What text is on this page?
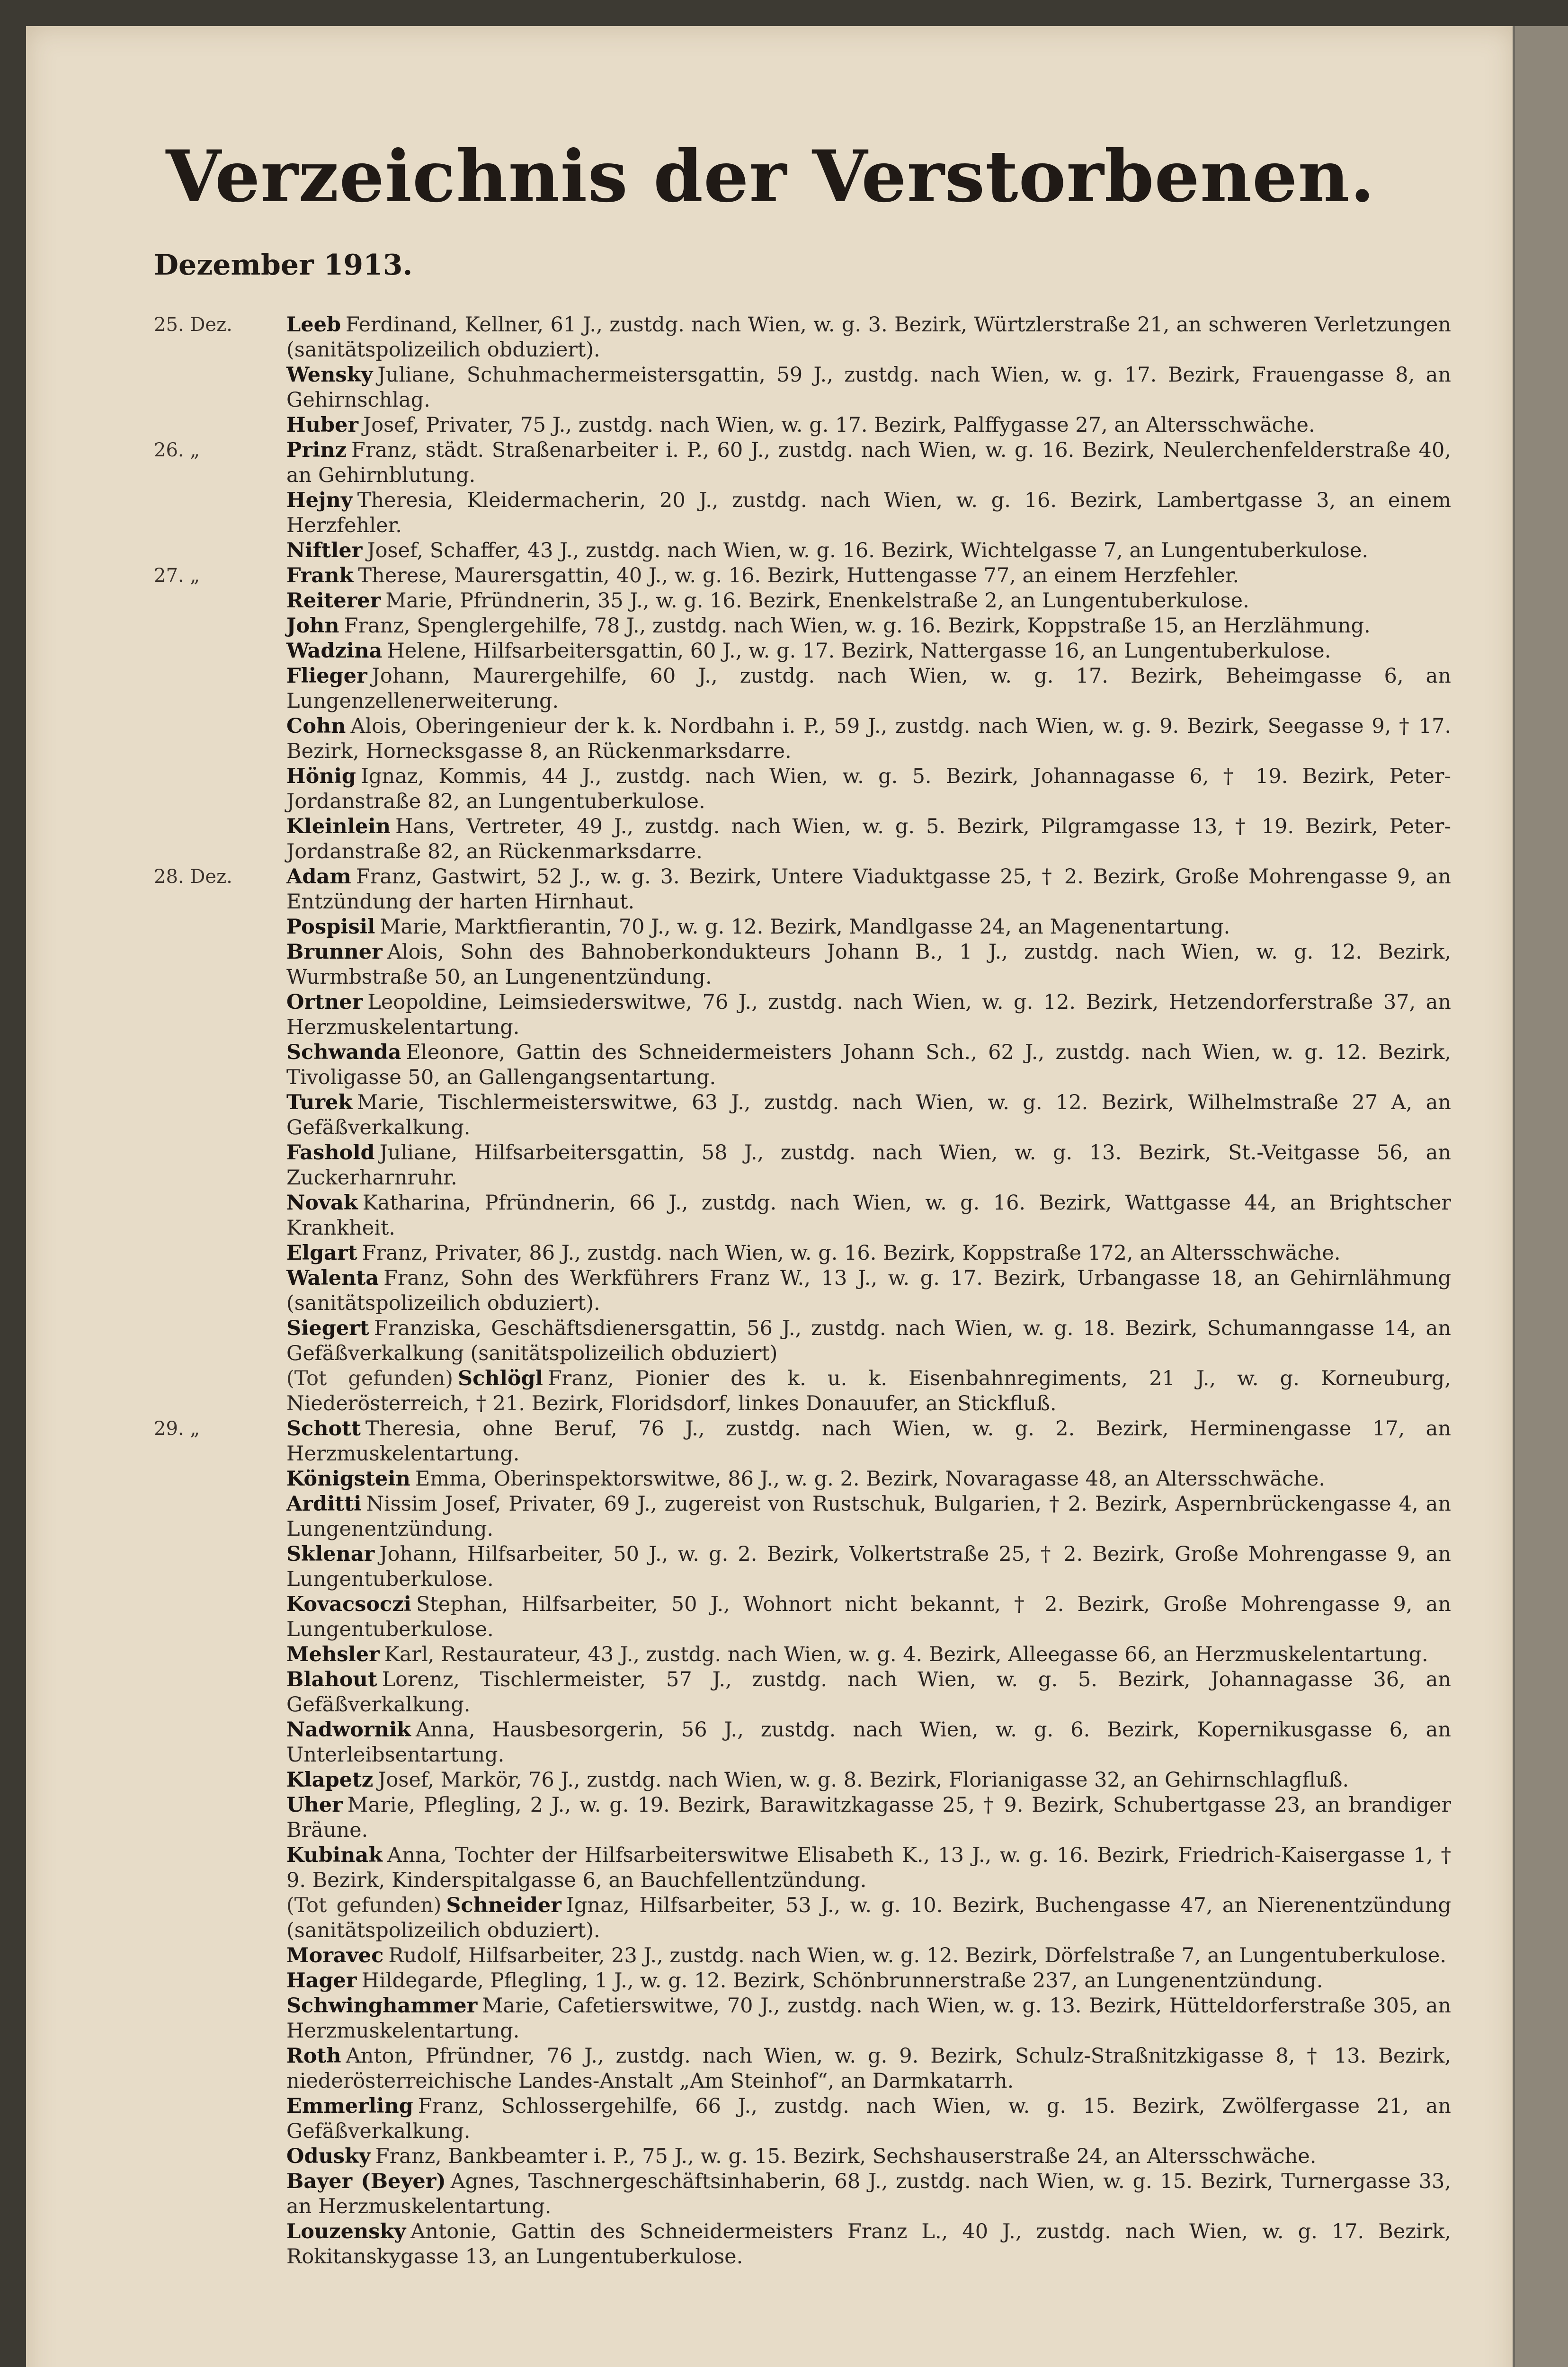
Verzeichnis der Verstorbenen.
Dezember 1913.
25. Dez.	Leeb Ferdinand, Kellner, 61 J., zustdg. nach Wien, w. g. 3. Bezirk, Würtzlerstraße 21, an schweren Verletzungen (sanitätspolizeilich obduziert).
Wensky Juliane, Schuhmachermeistersgattin, 59 J., zustdg. nach Wien, w. g. 17. Bezirk, Frauengasse 8, an Gehirnschlag.
Huber Josef, Privater, 75 J., zustdg. nach Wien, w. g. 17. Bezirk, Palffygasse 27, an Altersschwäche.
26. „	Prinz Franz, städt. Straßenarbeiter i. P., 60 J., zustdg. nach Wien, w. g. 16. Bezirk, Neulerchenfelderstraße 40, an Gehirnblutung.
Hejny Theresia, Kleidermacherin, 20 J., zustdg. nach Wien, w. g. 16. Bezirk, Lambertgasse 3, an einem Herzfehler.
Niftler Josef, Schaffer, 43 J., zustdg. nach Wien, w. g. 16. Bezirk, Wichtelgasse 7, an Lungentuberkulose.
27. „	Frank Therese, Maurersgattin, 40 J., w. g. 16. Bezirk, Huttengasse 77, an einem Herzfehler.
Reiterer Marie, Pfründnerin, 35 J., w. g. 16. Bezirk, Enenkelstraße 2, an Lungentuberkulose.
John Franz, Spenglergehilfe, 78 J., zustdg. nach Wien, w. g. 16. Bezirk, Koppstraße 15, an Herzlähmung.
Wadzina Helene, Hilfsarbeitersgattin, 60 J., w. g. 17. Bezirk, Nattergasse 16, an Lungentuberkulose.
Flieger Johann, Maurergehilfe, 60 J., zustdg. nach Wien, w. g. 17. Bezirk, Beheimgasse 6, an Lungenzellenerweiterung.
Cohn Alois, Oberingenieur der k. k. Nordbahn i. P., 59 J., zustdg. nach Wien, w. g. 9. Bezirk, Seegasse 9, † 17. Bezirk, Hornecksgasse 8, an Rückenmarksdarre.
Hönig Ignaz, Kommis, 44 J., zustdg. nach Wien, w. g. 5. Bezirk, Johannagasse 6, † 19. Bezirk, Peter-Jordanstraße 82, an Lungentuberkulose.
Kleinlein Hans, Vertreter, 49 J., zustdg. nach Wien, w. g. 5. Bezirk, Pilgramgasse 13, † 19. Bezirk, Peter-Jordanstraße 82, an Rückenmarksdarre.
28. Dez.	Adam Franz, Gastwirt, 52 J., w. g. 3. Bezirk, Untere Viaduktgasse 25, † 2. Bezirk, Große Mohrengasse 9, an Entzündung der harten Hirnhaut.
Pospisil Marie, Marktfierantin, 70 J., w. g. 12. Bezirk, Mandlgasse 24, an Magenentartung.
Brunner Alois, Sohn des Bahnoberkondukteurs Johann B., 1 J., zustdg. nach Wien, w. g. 12. Bezirk, Wurmbstraße 50, an Lungenentzündung.
Ortner Leopoldine, Leimsiederswitwe, 76 J., zustdg. nach Wien, w. g. 12. Bezirk, Hetzendorferstraße 37, an Herzmuskelentartung.
Schwanda Eleonore, Gattin des Schneidermeisters Johann Sch., 62 J., zustdg. nach Wien, w. g. 12. Bezirk, Tivoligasse 50, an Gallengangsentartung.
Turek Marie, Tischlermeisterswitwe, 63 J., zustdg. nach Wien, w. g. 12. Bezirk, Wilhelmstraße 27 A, an Gefäßverkalkung.
Fashold Juliane, Hilfsarbeitersgattin, 58 J., zustdg. nach Wien, w. g. 13. Bezirk, St.-Veitgasse 56, an Zuckerharnruhr.
Novak Katharina, Pfründnerin, 66 J., zustdg. nach Wien, w. g. 16. Bezirk, Wattgasse 44, an Brightscher Krankheit.
Elgart Franz, Privater, 86 J., zustdg. nach Wien, w. g. 16. Bezirk, Koppstraße 172, an Altersschwäche.
Walenta Franz, Sohn des Werkführers Franz W., 13 J., w. g. 17. Bezirk, Urbangasse 18, an Gehirnlähmung (sanitätspolizeilich obduziert).
Siegert Franziska, Geschäftsdienersgattin, 56 J., zustdg. nach Wien, w. g. 18. Bezirk, Schumanngasse 14, an Gefäßverkalkung (sanitätspolizeilich obduziert)
(Tot gefunden) Schlögl Franz, Pionier des k. u. k. Eisenbahnregiments, 21 J., w. g. Korneuburg, Niederösterreich, † 21. Bezirk, Floridsdorf, linkes Donauufer, an Stickfluß.
29. „	Schott Theresia, ohne Beruf, 76 J., zustdg. nach Wien, w. g. 2. Bezirk, Herminengasse 17, an Herzmuskelentartung.
Königstein Emma, Oberinspektorswitwe, 86 J., w. g. 2. Bezirk, Novaragasse 48, an Altersschwäche.
Arditti Nissim Josef, Privater, 69 J., zugereist von Rustschuk, Bulgarien, † 2. Bezirk, Aspernbrückengasse 4, an Lungenentzündung.
Sklenar Johann, Hilfsarbeiter, 50 J., w. g. 2. Bezirk, Volkertstraße 25, † 2. Bezirk, Große Mohrengasse 9, an Lungentuberkulose.
Kovacsoczi Stephan, Hilfsarbeiter, 50 J., Wohnort nicht bekannt, † 2. Bezirk, Große Mohrengasse 9, an Lungentuberkulose.
Mehsler Karl, Restaurateur, 43 J., zustdg. nach Wien, w. g. 4. Bezirk, Alleegasse 66, an Herzmuskelentartung.
Blahout Lorenz, Tischlermeister, 57 J., zustdg. nach Wien, w. g. 5. Bezirk, Johannagasse 36, an Gefäßverkalkung.
Nadwornik Anna, Hausbesorgerin, 56 J., zustdg. nach Wien, w. g. 6. Bezirk, Kopernikusgasse 6, an Unterleibsentartung.
Klapetz Josef, Markör, 76 J., zustdg. nach Wien, w. g. 8. Bezirk, Florianigasse 32, an Gehirnschlagfluß.
Uher Marie, Pflegling, 2 J., w. g. 19. Bezirk, Barawitzkagasse 25, † 9. Bezirk, Schubertgasse 23, an brandiger Bräune.
Kubinak Anna, Tochter der Hilfsarbeiterswitwe Elisabeth K., 13 J., w. g. 16. Bezirk, Friedrich-Kaisergasse 1, † 9. Bezirk, Kinderspitalgasse 6, an Bauchfellentzündung.
(Tot gefunden) Schneider Ignaz, Hilfsarbeiter, 53 J., w. g. 10. Bezirk, Buchengasse 47, an Nierenentzündung (sanitätspolizeilich obduziert).
Moravec Rudolf, Hilfsarbeiter, 23 J., zustdg. nach Wien, w. g. 12. Bezirk, Dörfelstraße 7, an Lungentuberkulose.
Hager Hildegarde, Pflegling, 1 J., w. g. 12. Bezirk, Schönbrunnerstraße 237, an Lungenentzündung.
Schwinghammer Marie, Cafetierswitwe, 70 J., zustdg. nach Wien, w. g. 13. Bezirk, Hütteldorferstraße 305, an Herzmuskelentartung.
Roth Anton, Pfründner, 76 J., zustdg. nach Wien, w. g. 9. Bezirk, Schulz-Straßnitzkigasse 8, † 13. Bezirk, niederösterreichische Landes-Anstalt „Am Steinhof“, an Darmkatarrh.
Emmerling Franz, Schlossergehilfe, 66 J., zustdg. nach Wien, w. g. 15. Bezirk, Zwölfergasse 21, an Gefäßverkalkung.
Odusky Franz, Bankbeamter i. P., 75 J., w. g. 15. Bezirk, Sechshauserstraße 24, an Altersschwäche.
Bayer (Beyer) Agnes, Taschnergeschäftsinhaberin, 68 J., zustdg. nach Wien, w. g. 15. Bezirk, Turnergasse 33, an Herzmuskelentartung.
Louzensky Antonie, Gattin des Schneidermeisters Franz L., 40 J., zustdg. nach Wien, w. g. 17. Bezirk, Rokitanskygasse 13, an Lungentuberkulose.
